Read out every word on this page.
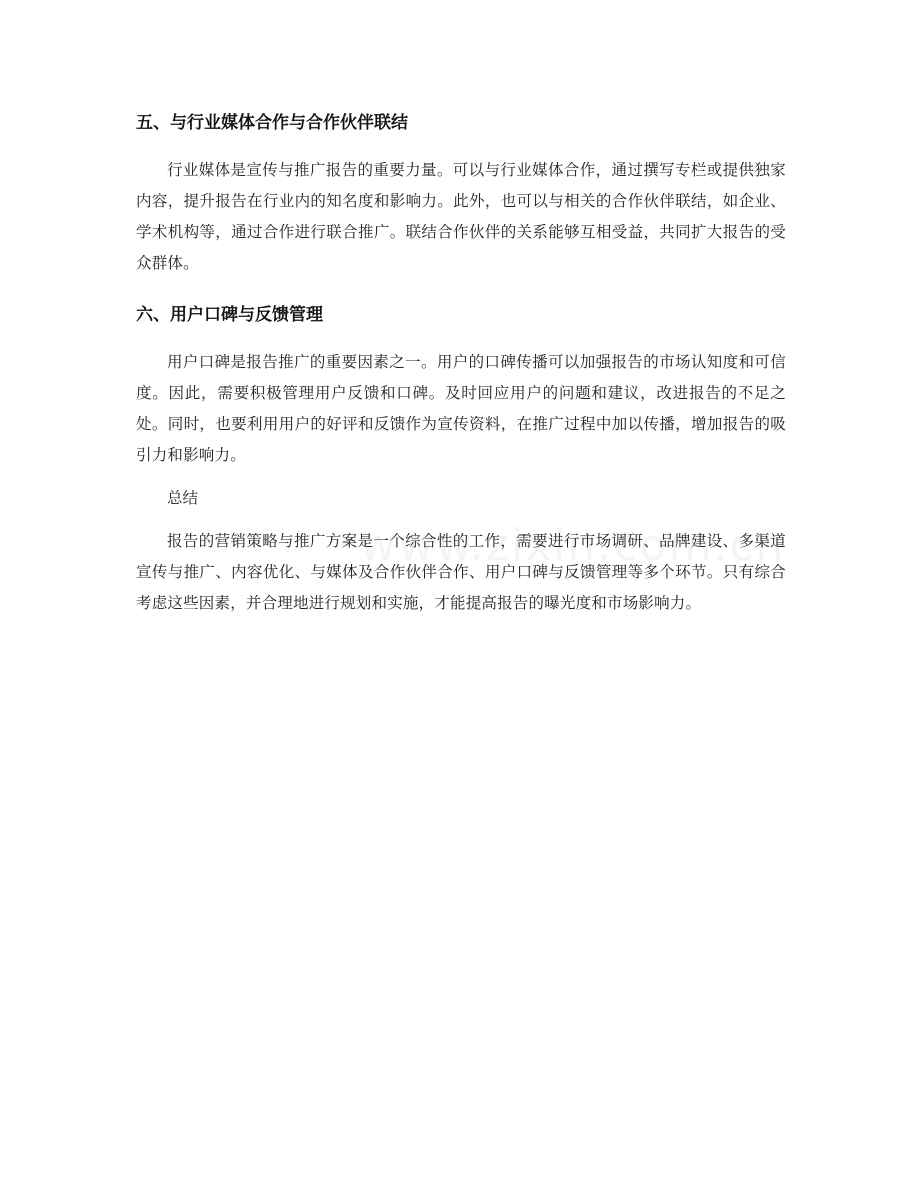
五、与行业媒体合作与合作伙伴联结

行业媒体是宣传与推广报告的重要力量。可以与行业媒体合作，通过撰写专栏或提供独家内容，提升报告在行业内的知名度和影响力。此外，也可以与相关的合作伙伴联结，如企业、学术机构等，通过合作进行联合推广。联结合作伙伴的关系能够互相受益，共同扩大报告的受众群体。

六、用户口碑与反馈管理

用户口碑是报告推广的重要因素之一。用户的口碑传播可以加强报告的市场认知度和可信度。因此，需要积极管理用户反馈和口碑。及时回应用户的问题和建议，改进报告的不足之处。同时，也要利用用户的好评和反馈作为宣传资料，在推广过程中加以传播，增加报告的吸引力和影响力。

总结

报告的营销策略与推广方案是一个综合性的工作，需要进行市场调研、品牌建设、多渠道宣传与推广、内容优化、与媒体及合作伙伴合作、用户口碑与反馈管理等多个环节。只有综合考虑这些因素，并合理地进行规划和实施，才能提高报告的曝光度和市场影响力。
